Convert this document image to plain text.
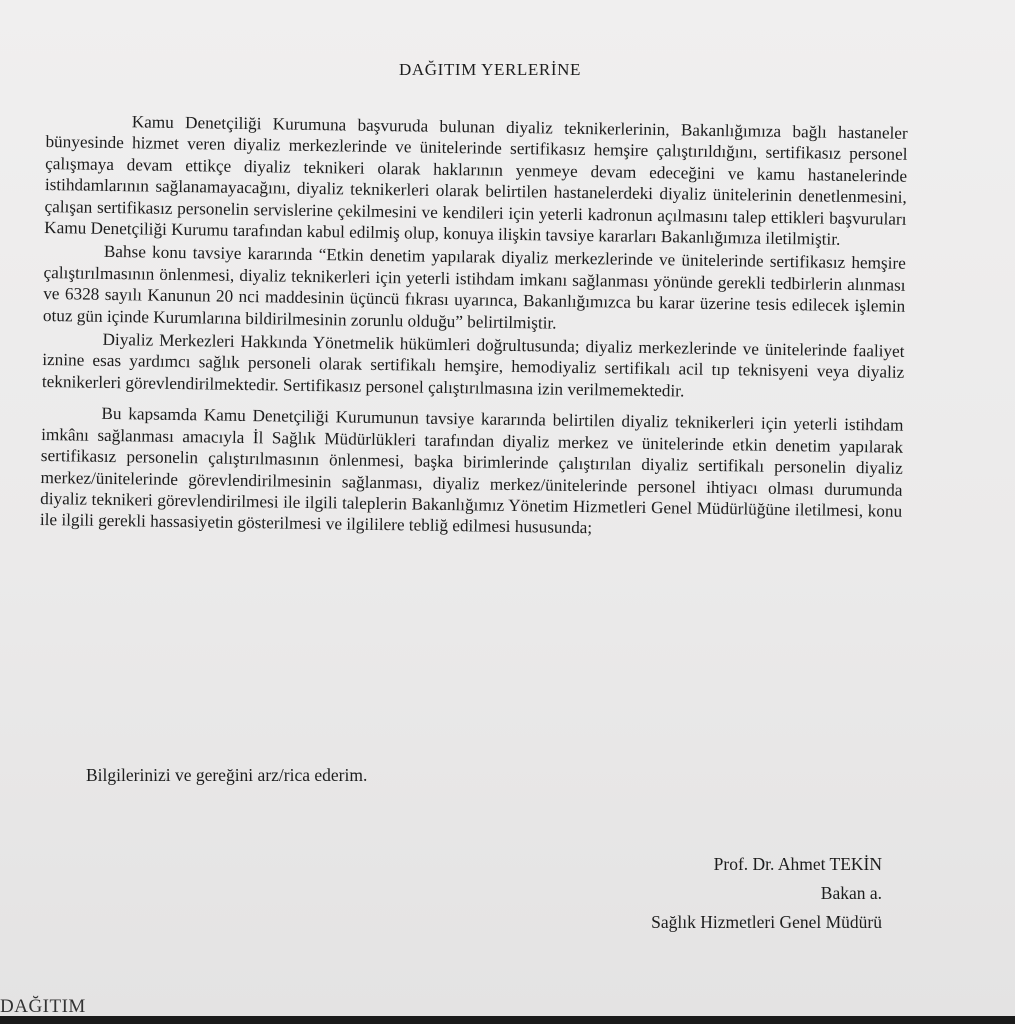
DAĞITIM YERLERİNE

Kamu Denetçiliği Kurumuna başvuruda bulunan diyaliz teknikerlerinin, Bakanlığımıza bağlı hastaneler bünyesinde hizmet veren diyaliz merkezlerinde ve ünitelerinde sertifikasız hemşire çalıştırıldığını, sertifikasız personel çalışmaya devam ettikçe diyaliz teknikeri olarak haklarının yenmeye devam edeceğini ve kamu hastanelerinde istihdamlarının sağlanamayacağını, diyaliz teknikerleri olarak belirtilen hastanelerdeki diyaliz ünitelerinin denetlenmesini, çalışan sertifikasız personelin servislerine çekilmesini ve kendileri için yeterli kadronun açılmasını talep ettikleri başvuruları Kamu Denetçiliği Kurumu tarafından kabul edilmiş olup, konuya ilişkin tavsiye kararları Bakanlığımıza iletilmiştir.

Bahse konu tavsiye kararında “Etkin denetim yapılarak diyaliz merkezlerinde ve ünitelerinde sertifikasız hemşire çalıştırılmasının önlenmesi, diyaliz teknikerleri için yeterli istihdam imkanı sağlanması yönünde gerekli tedbirlerin alınması ve 6328 sayılı Kanunun 20 nci maddesinin üçüncü fıkrası uyarınca, Bakanlığımızca bu karar üzerine tesis edilecek işlemin otuz gün içinde Kurumlarına bildirilmesinin zorunlu olduğu” belirtilmiştir.

Diyaliz Merkezleri Hakkında Yönetmelik hükümleri doğrultusunda; diyaliz merkezlerinde ve ünitelerinde faaliyet iznine esas yardımcı sağlık personeli olarak sertifikalı hemşire, hemodiyaliz sertifikalı acil tıp teknisyeni veya diyaliz teknikerleri görevlendirilmektedir. Sertifikasız personel çalıştırılmasına izin verilmemektedir.

Bu kapsamda Kamu Denetçiliği Kurumunun tavsiye kararında belirtilen diyaliz teknikerleri için yeterli istihdam imkânı sağlanması amacıyla İl Sağlık Müdürlükleri tarafından diyaliz merkez ve ünitelerinde etkin denetim yapılarak sertifikasız personelin çalıştırılmasının önlenmesi, başka birimlerinde çalıştırılan diyaliz sertifikalı personelin diyaliz merkez/ünitelerinde görevlendirilmesinin sağlanması, diyaliz merkez/ünitelerinde personel ihtiyacı olması durumunda diyaliz teknikeri görevlendirilmesi ile ilgili taleplerin Bakanlığımız Yönetim Hizmetleri Genel Müdürlüğüne iletilmesi, konu ile ilgili gerekli hassasiyetin gösterilmesi ve ilgililere tebliğ edilmesi hususunda;

Bilgilerinizi ve gereğini arz/rica ederim.
Prof. Dr. Ahmet TEKİN
Bakan a.
Sağlık Hizmetleri Genel Müdürü
DAĞITIM
